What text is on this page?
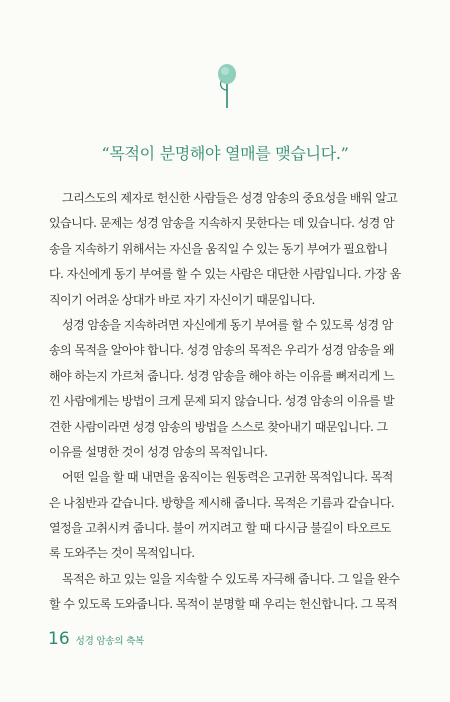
“목적이 분명해야 열매를 맺습니다.”
그리스도의 제자로 헌신한 사람들은 성경 암송의 중요성을 배워 알고
있습니다. 문제는 성경 암송을 지속하지 못한다는 데 있습니다. 성경 암
송을 지속하기 위해서는 자신을 움직일 수 있는 동기 부여가 필요합니
다. 자신에게 동기 부여를 할 수 있는 사람은 대단한 사람입니다. 가장 움
직이기 어려운 상대가 바로 자기 자신이기 때문입니다.
성경 암송을 지속하려면 자신에게 동기 부여를 할 수 있도록 성경 암
송의 목적을 알아야 합니다. 성경 암송의 목적은 우리가 성경 암송을 왜
해야 하는지 가르쳐 줍니다. 성경 암송을 해야 하는 이유를 뼈저리게 느
낀 사람에게는 방법이 크게 문제 되지 않습니다. 성경 암송의 이유를 발
견한 사람이라면 성경 암송의 방법을 스스로 찾아내기 때문입니다. 그
이유를 설명한 것이 성경 암송의 목적입니다.
어떤 일을 할 때 내면을 움직이는 원동력은 고귀한 목적입니다. 목적
은 나침반과 같습니다. 방향을 제시해 줍니다. 목적은 기름과 같습니다.
열정을 고취시켜 줍니다. 불이 꺼지려고 할 때 다시금 불길이 타오르도
록 도와주는 것이 목적입니다.
목적은 하고 있는 일을 지속할 수 있도록 자극해 줍니다. 그 일을 완수
할 수 있도록 도와줍니다. 목적이 분명할 때 우리는 헌신합니다. 그 목적
16 성경 암송의 축복
